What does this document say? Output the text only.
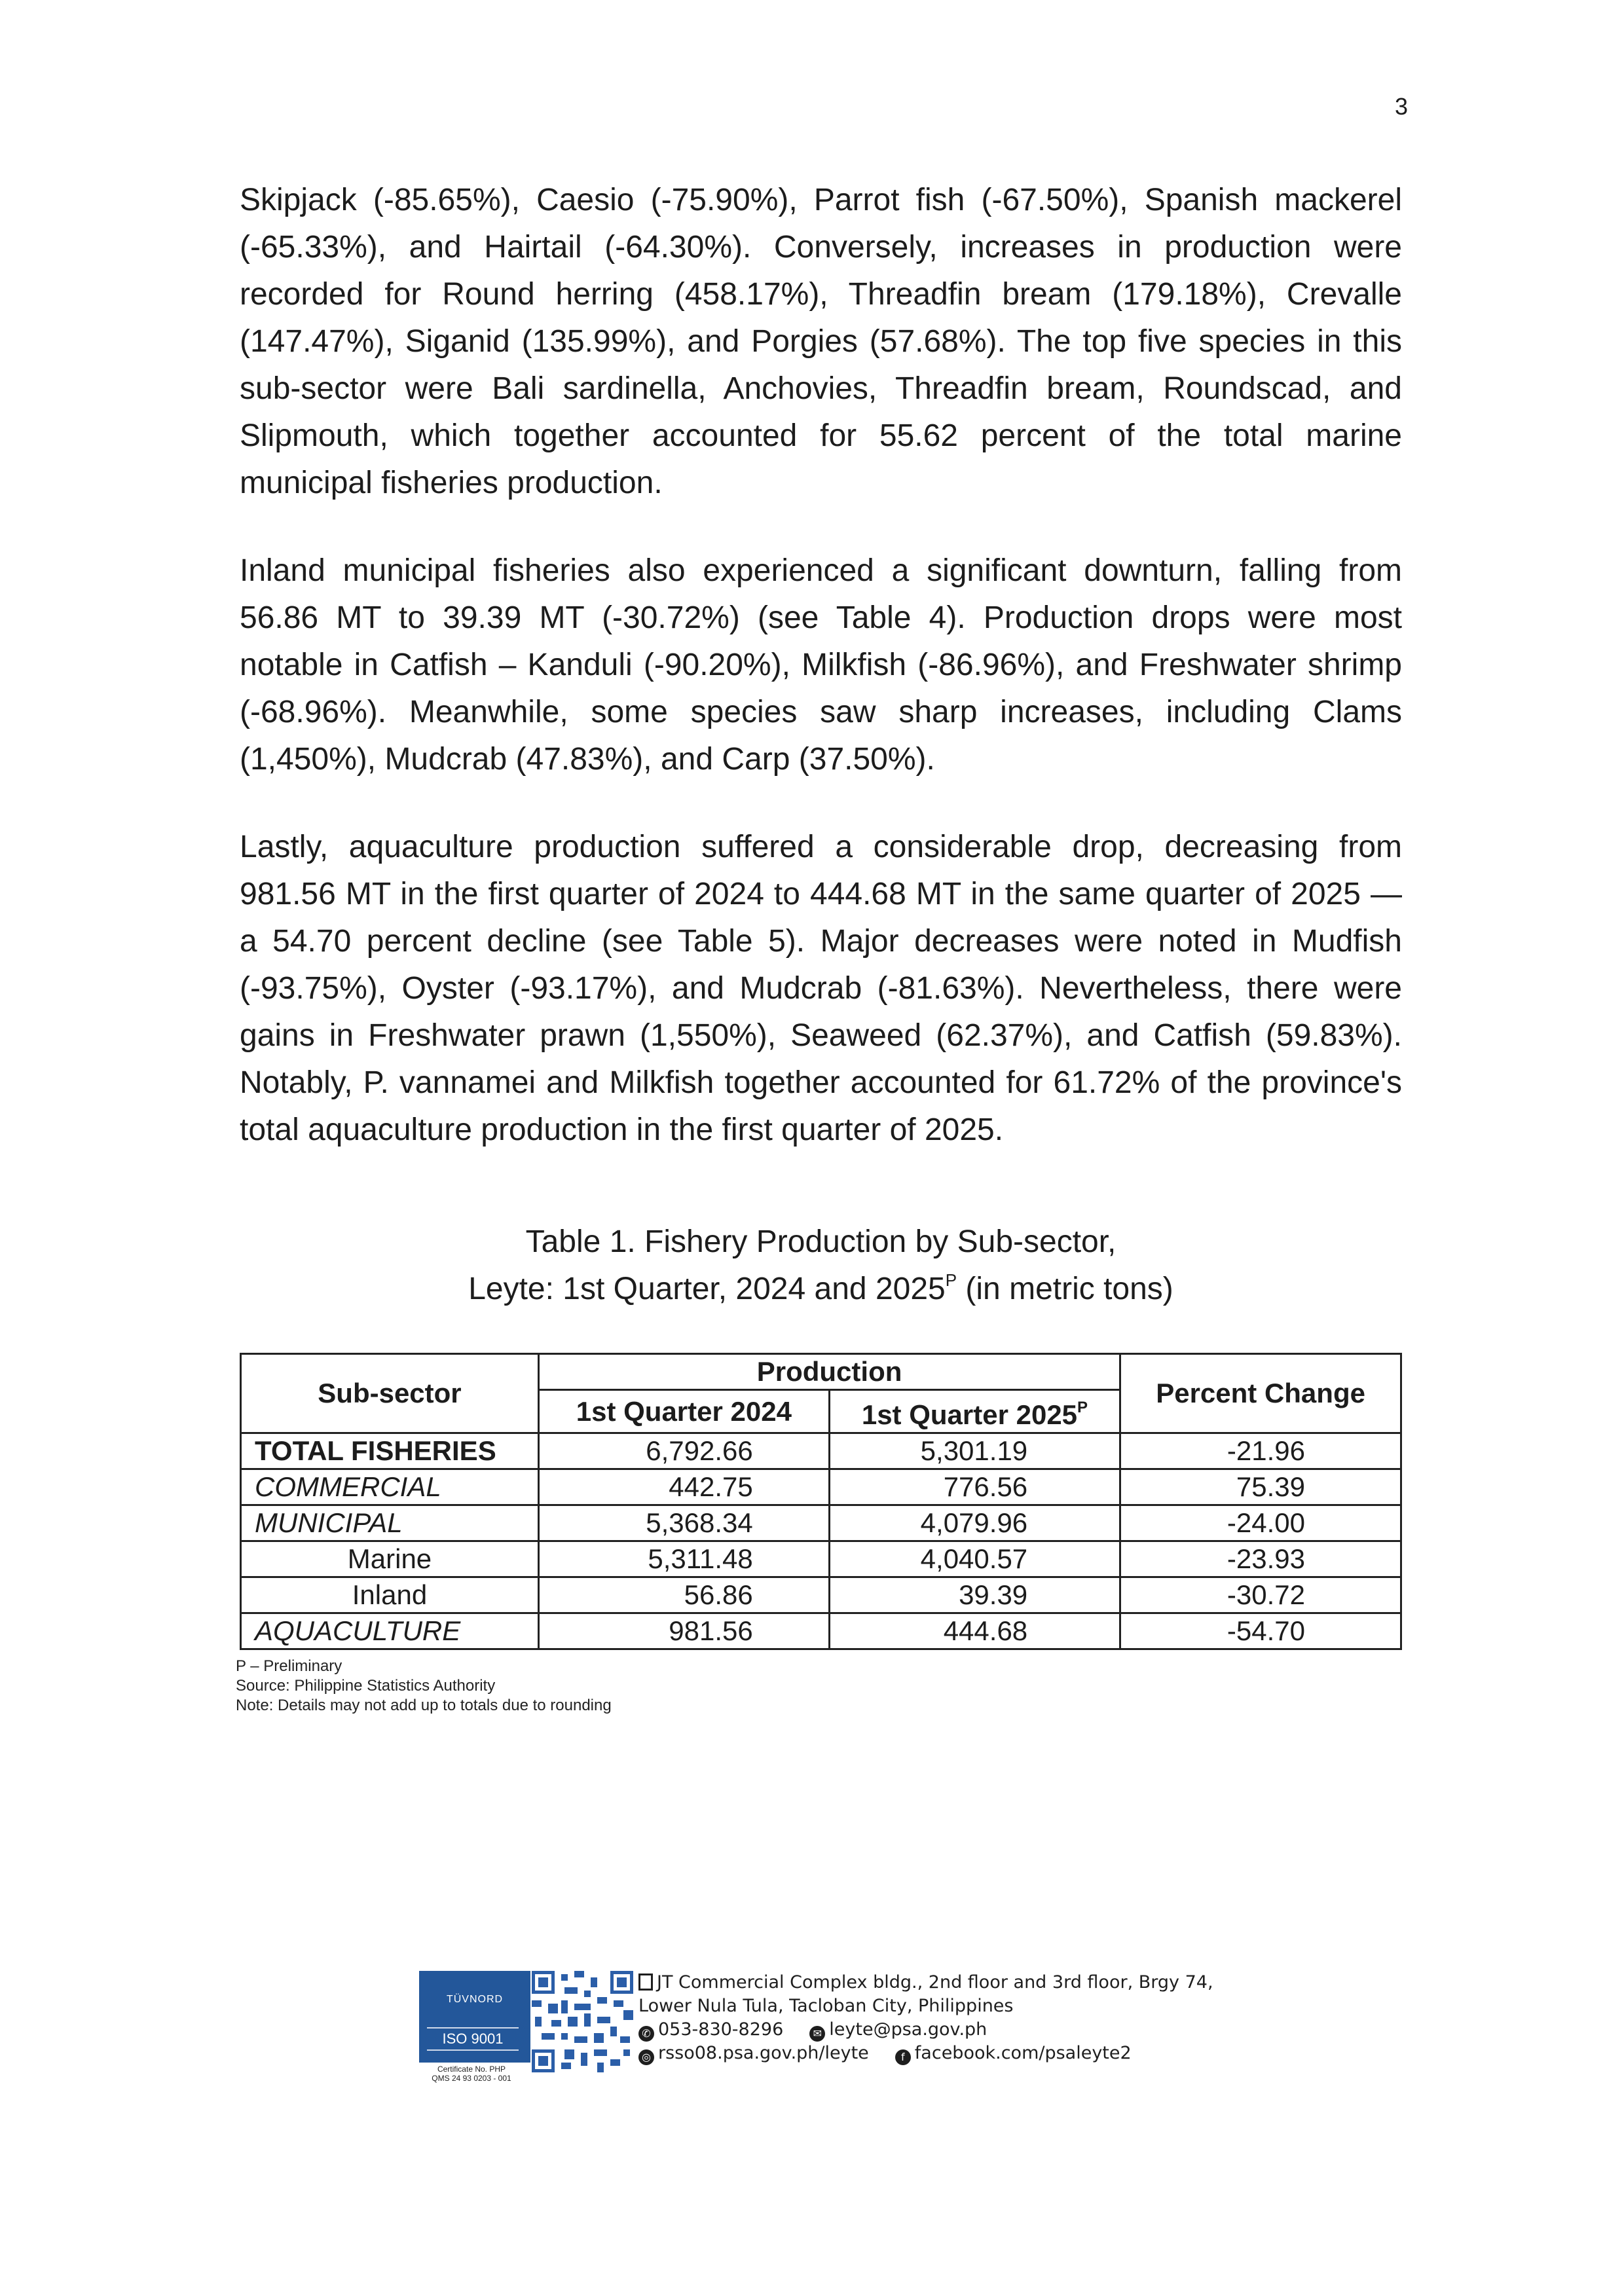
3

Skipjack (-85.65%), Caesio (-75.90%), Parrot fish (-67.50%), Spanish mackerel (-65.33%), and Hairtail (-64.30%). Conversely, increases in production were recorded for Round herring (458.17%), Threadfin bream (179.18%), Crevalle (147.47%), Siganid (135.99%), and Porgies (57.68%). The top five species in this sub-sector were Bali sardinella, Anchovies, Threadfin bream, Roundscad, and Slipmouth, which together accounted for 55.62 percent of the total marine municipal fisheries production.

Inland municipal fisheries also experienced a significant downturn, falling from 56.86 MT to 39.39 MT (-30.72%) (see Table 4). Production drops were most notable in Catfish – Kanduli (-90.20%), Milkfish (-86.96%), and Freshwater shrimp (-68.96%). Meanwhile, some species saw sharp increases, including Clams (1,450%), Mudcrab (47.83%), and Carp (37.50%).

Lastly, aquaculture production suffered a considerable drop, decreasing from 981.56 MT in the first quarter of 2024 to 444.68 MT in the same quarter of 2025 — a 54.70 percent decline (see Table 5). Major decreases were noted in Mudfish (-93.75%), Oyster (-93.17%), and Mudcrab (-81.63%). Nevertheless, there were gains in Freshwater prawn (1,550%), Seaweed (62.37%), and Catfish (59.83%). Notably, P. vannamei and Milkfish together accounted for 61.72% of the province's total aquaculture production in the first quarter of 2025.

Table 1. Fishery Production by Sub-sector,
Leyte: 1st Quarter, 2024 and $2025^P$ (in metric tons)
Sub-sector	Production		Percent Change
	1st Quarter 2024	1st Quarter $2025^P$
TOTAL FISHERIES	6,792.66	5,301.19	-21.96
COMMERCIAL	442.75	776.56	75.39
MUNICIPAL	5,368.34	4,079.96	-24.00
Marine	5,311.48	4,040.57	-23.93
Inland	56.86	39.39	-30.72
AQUACULTURE	981.56	444.68	-54.70
P – Preliminary
Source: Philippine Statistics Authority
Note: Details may not add up to totals due to rounding
TÜVNORD
ISO 9001
Certificate No. PHP
QMS 24 93 0203 - 001
JT Commercial Complex bldg., 2nd floor and 3rd floor, Brgy 74,
Lower Nula Tula, Tacloban City, Philippines
✆ 053-830-8296	✉ leyte@psa.gov.ph
◎ rsso08.psa.gov.ph/leyte	f facebook.com/psaleyte2
